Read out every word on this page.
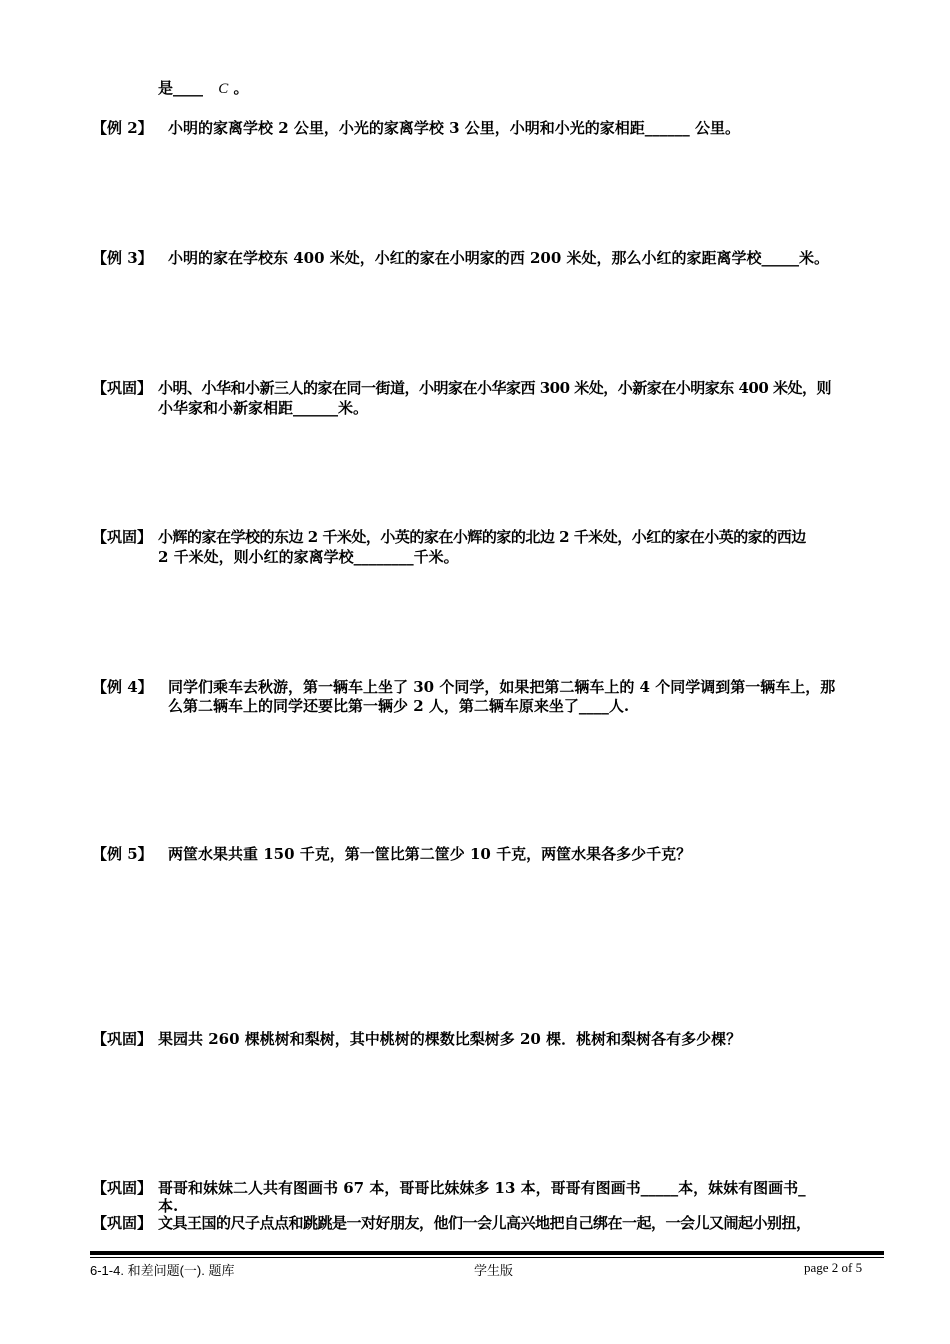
是____ C 。
【例 2】 小明的家离学校 2 公里，小光的家离学校 3 公里，小明和小光的家相距______ 公里。
【例 3】 小明的家在学校东 400 米处，小红的家在小明家的西 200 米处，那么小红的家距离学校_____米。
【巩固】 小明、小华和小新三人的家在同一街道，小明家在小华家西 300 米处，小新家在小明家东 400 米处，则
小华家和小新家相距______米。
【巩固】 小辉的家在学校的东边 2 千米处，小英的家在小辉的家的北边 2 千米处，小红的家在小英的家的西边
2 千米处，则小红的家离学校________千米。
【例 4】 同学们乘车去秋游，第一辆车上坐了 30 个同学，如果把第二辆车上的 4 个同学调到第一辆车上，那
么第二辆车上的同学还要比第一辆少 2 人，第二辆车原来坐了____人.
【例 5】 两筐水果共重 150 千克，第一筐比第二筐少 10 千克，两筐水果各多少千克？
【巩固】 果园共 260 棵桃树和梨树，其中桃树的棵数比梨树多 20 棵．桃树和梨树各有多少棵？
【巩固】 哥哥和妹妹二人共有图画书 67 本，哥哥比妹妹多 13 本，哥哥有图画书_____本，妹妹有图画书_
本.
【巩固】 文具王国的尺子点点和跳跳是一对好朋友，他们一会儿高兴地把自己绑在一起，一会儿又闹起小别扭，
6-1-4. 和差问题(一). 题库	学生版	page 2 of 5
